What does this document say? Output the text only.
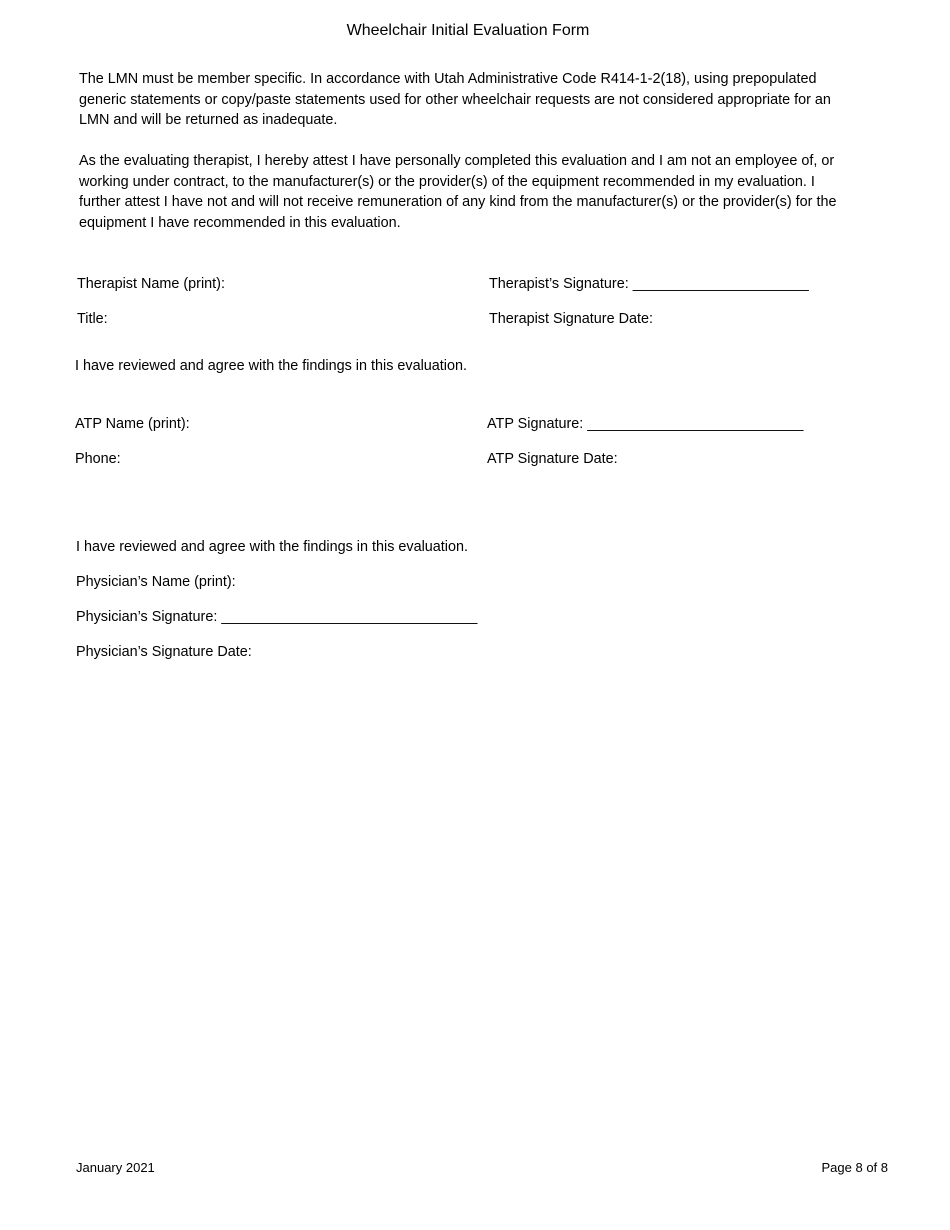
Wheelchair Initial Evaluation Form
The LMN must be member specific. In accordance with Utah Administrative Code R414-1-2(18), using prepopulated generic statements or copy/paste statements used for other wheelchair requests are not considered appropriate for an LMN and will be returned as inadequate.
As the evaluating therapist, I hereby attest I have personally completed this evaluation and I am not an employee of, or working under contract, to the manufacturer(s) or the provider(s) of the equipment recommended in my evaluation. I further attest I have not and will not receive remuneration of any kind from the manufacturer(s) or the provider(s) for the equipment I have recommended in this evaluation.
Therapist Name (print):	Therapist’s Signature: ______________________
Title:	Therapist Signature Date:
I have reviewed and agree with the findings in this evaluation.
ATP Name (print):	ATP Signature: ___________________________
Phone:	ATP Signature Date:
I have reviewed and agree with the findings in this evaluation.
Physician’s Name (print):
Physician’s Signature: ________________________________
Physician’s Signature Date:
January 2021	Page 8 of 8
